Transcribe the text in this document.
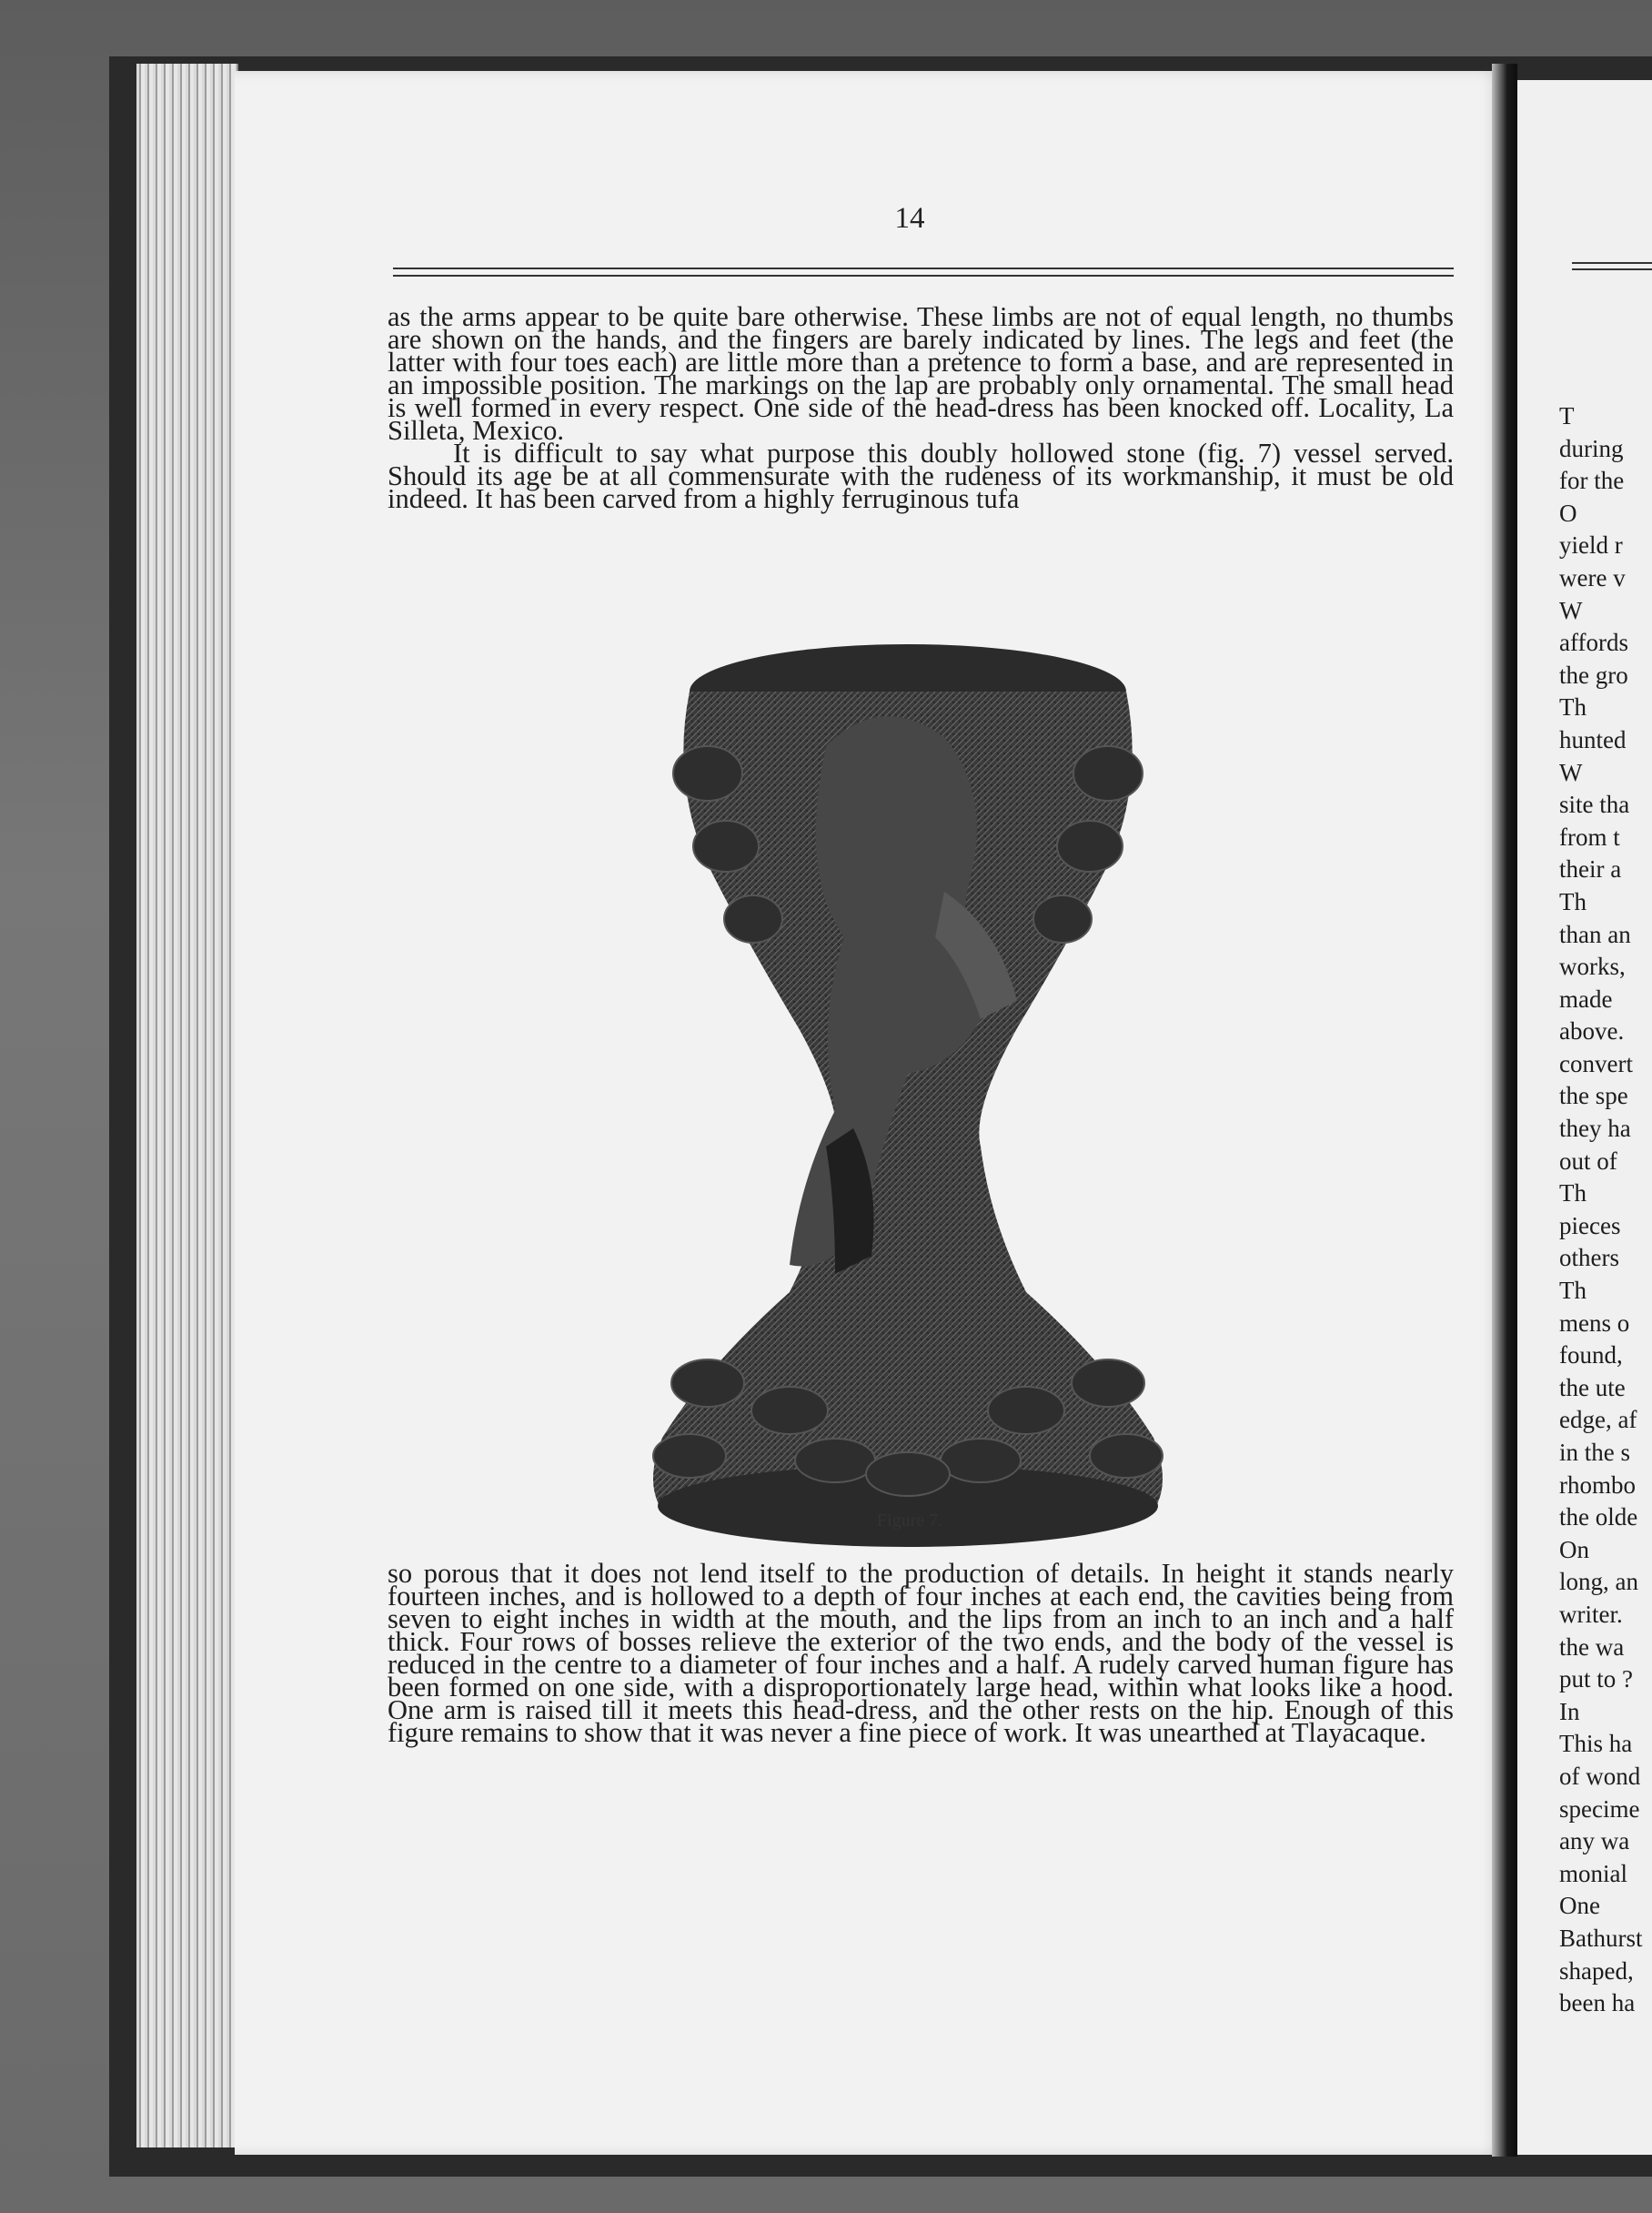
14

as the arms appear to be quite bare otherwise. These limbs are not of equal length, no thumbs are shown on the hands, and the fingers are barely indicated by lines. The legs and feet (the latter with four toes each) are little more than a pretence to form a base, and are represented in an impossible position. The markings on the lap are probably only ornamental. The small head is well formed in every respect. One side of the head-dress has been knocked off. Locality, La Silleta, Mexico.

It is difficult to say what purpose this doubly hollowed stone (fig. 7) vessel served. Should its age be at all commensurate with the rudeness of its workmanship, it must be old indeed. It has been carved from a highly ferruginous tufa

Figure 7.

so porous that it does not lend itself to the production of details. In height it stands nearly fourteen inches, and is hollowed to a depth of four inches at each end, the cavities being from seven to eight inches in width at the mouth, and the lips from an inch to an inch and a half thick. Four rows of bosses relieve the exterior of the two ends, and the body of the vessel is reduced in the centre to a diameter of four inches and a half. A rudely carved human figure has been formed on one side, with a disproportionately large head, within what looks like a hood. One arm is raised till it meets this head-dress, and the other rests on the hip. Enough of this figure remains to show that it was never a fine piece of work. It was unearthed at Tlayacaque.

T
during
for the
O
yield r
were v
W
affords
the gro
Th
hunted
W
site tha
from t
their a
Th
than an
works,
made
above.
convert
the spe
they ha
out of
Th
pieces
others
Th
mens o
found,
the ute
edge, af
in the s
rhombo
the olde
On
long, an
writer.
the wa
put to ?
In
This ha
of wond
specime
any wa
monial
One
Bathurst
shaped,
been ha
